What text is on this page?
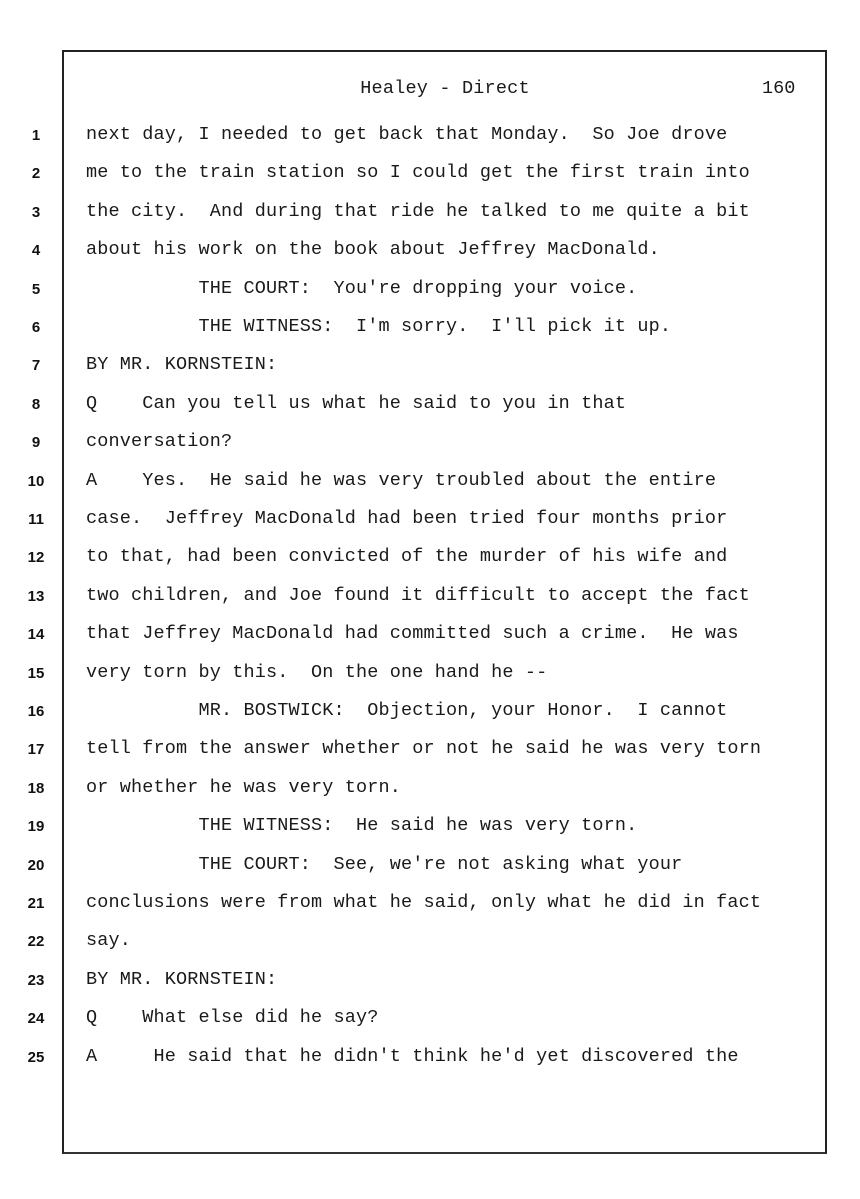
Healey - Direct	160
1	next day, I needed to get back that Monday.  So Joe drove
2	me to the train station so I could get the first train into
3	the city.  And during that ride he talked to me quite a bit
4	about his work on the book about Jeffrey MacDonald.
5	THE COURT:  You're dropping your voice.
6	THE WITNESS:  I'm sorry.  I'll pick it up.
7	BY MR. KORNSTEIN:
8	Q    Can you tell us what he said to you in that
9	conversation?
10	A    Yes.  He said he was very troubled about the entire
11	case.  Jeffrey MacDonald had been tried four months prior
12	to that, had been convicted of the murder of his wife and
13	two children, and Joe found it difficult to accept the fact
14	that Jeffrey MacDonald had committed such a crime.  He was
15	very torn by this.  On the one hand he --
16	MR. BOSTWICK:  Objection, your Honor.  I cannot
17	tell from the answer whether or not he said he was very torn
18	or whether he was very torn.
19	THE WITNESS:  He said he was very torn.
20	THE COURT:  See, we're not asking what your
21	conclusions were from what he said, only what he did in fact
22	say.
23	BY MR. KORNSTEIN:
24	Q    What else did he say?
25	A     He said that he didn't think he'd yet discovered the
